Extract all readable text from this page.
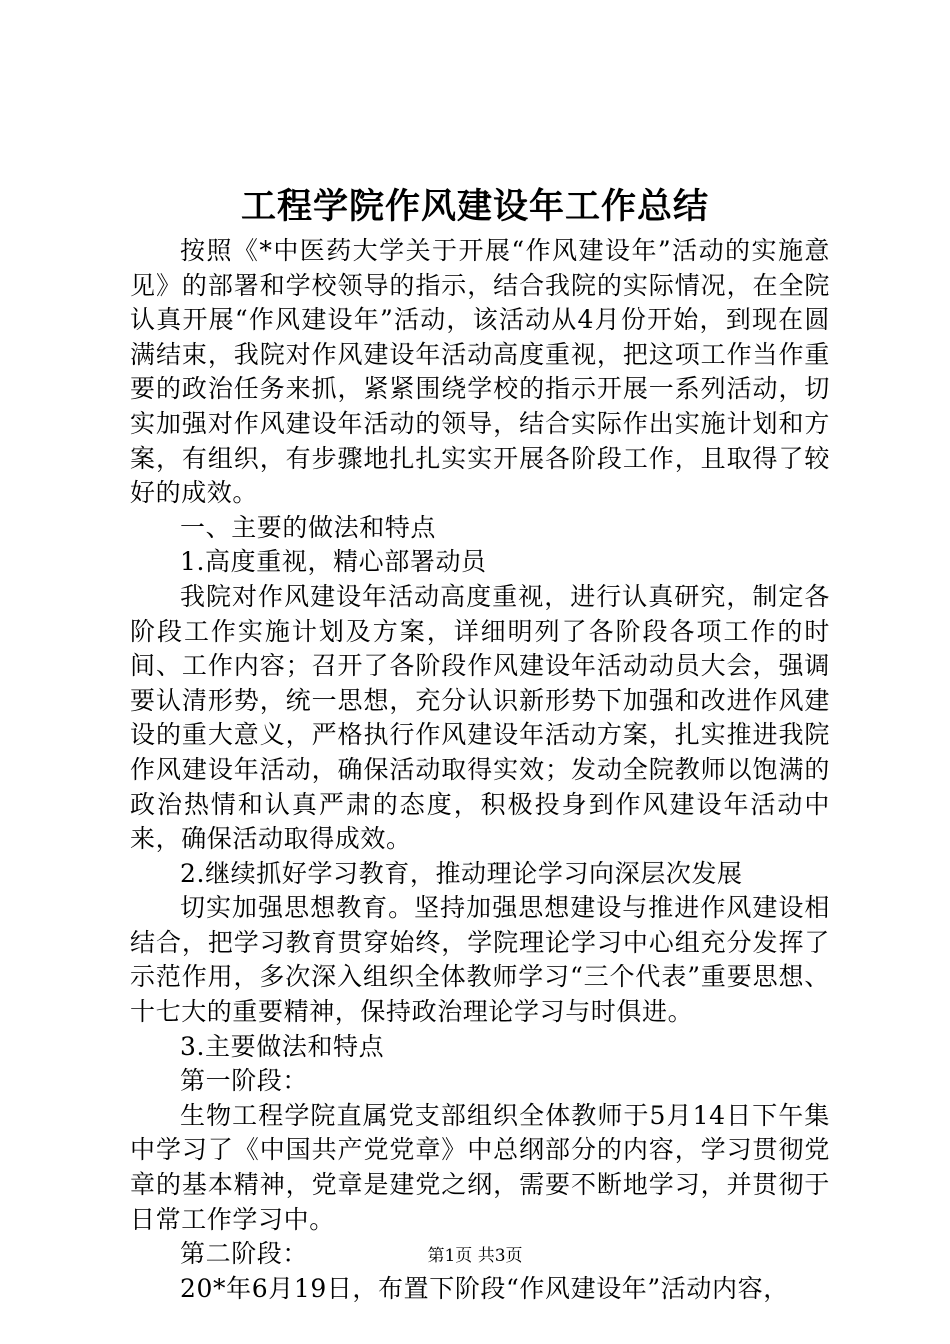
工程学院作风建设年工作总结

按照《*中医药大学关于开展“作风建设年”活动的实施意见》的部署和学校领导的指示，结合我院的实际情况，在全院认真开展“作风建设年”活动，该活动从4月份开始，到现在圆满结束，我院对作风建设年活动高度重视，把这项工作当作重要的政治任务来抓，紧紧围绕学校的指示开展一系列活动，切实加强对作风建设年活动的领导，结合实际作出实施计划和方案，有组织，有步骤地扎扎实实开展各阶段工作，且取得了较好的成效。

一、主要的做法和特点

1.高度重视，精心部署动员

我院对作风建设年活动高度重视，进行认真研究，制定各阶段工作实施计划及方案，详细明列了各阶段各项工作的时间、工作内容；召开了各阶段作风建设年活动动员大会，强调要认清形势，统一思想，充分认识新形势下加强和改进作风建设的重大意义，严格执行作风建设年活动方案，扎实推进我院作风建设年活动，确保活动取得实效；发动全院教师以饱满的政治热情和认真严肃的态度，积极投身到作风建设年活动中来，确保活动取得成效。

2.继续抓好学习教育，推动理论学习向深层次发展

切实加强思想教育。坚持加强思想建设与推进作风建设相结合，把学习教育贯穿始终，学院理论学习中心组充分发挥了示范作用，多次深入组织全体教师学习“三个代表”重要思想、十七大的重要精神，保持政治理论学习与时俱进。

3.主要做法和特点

第一阶段：

生物工程学院直属党支部组织全体教师于5月14日下午集中学习了《中国共产党党章》中总纲部分的内容，学习贯彻党章的基本精神，党章是建党之纲，需要不断地学习，并贯彻于日常工作学习中。

第二阶段：

20*年6月19日，布置下阶段“作风建设年”活动内容，

第1页 共3页
